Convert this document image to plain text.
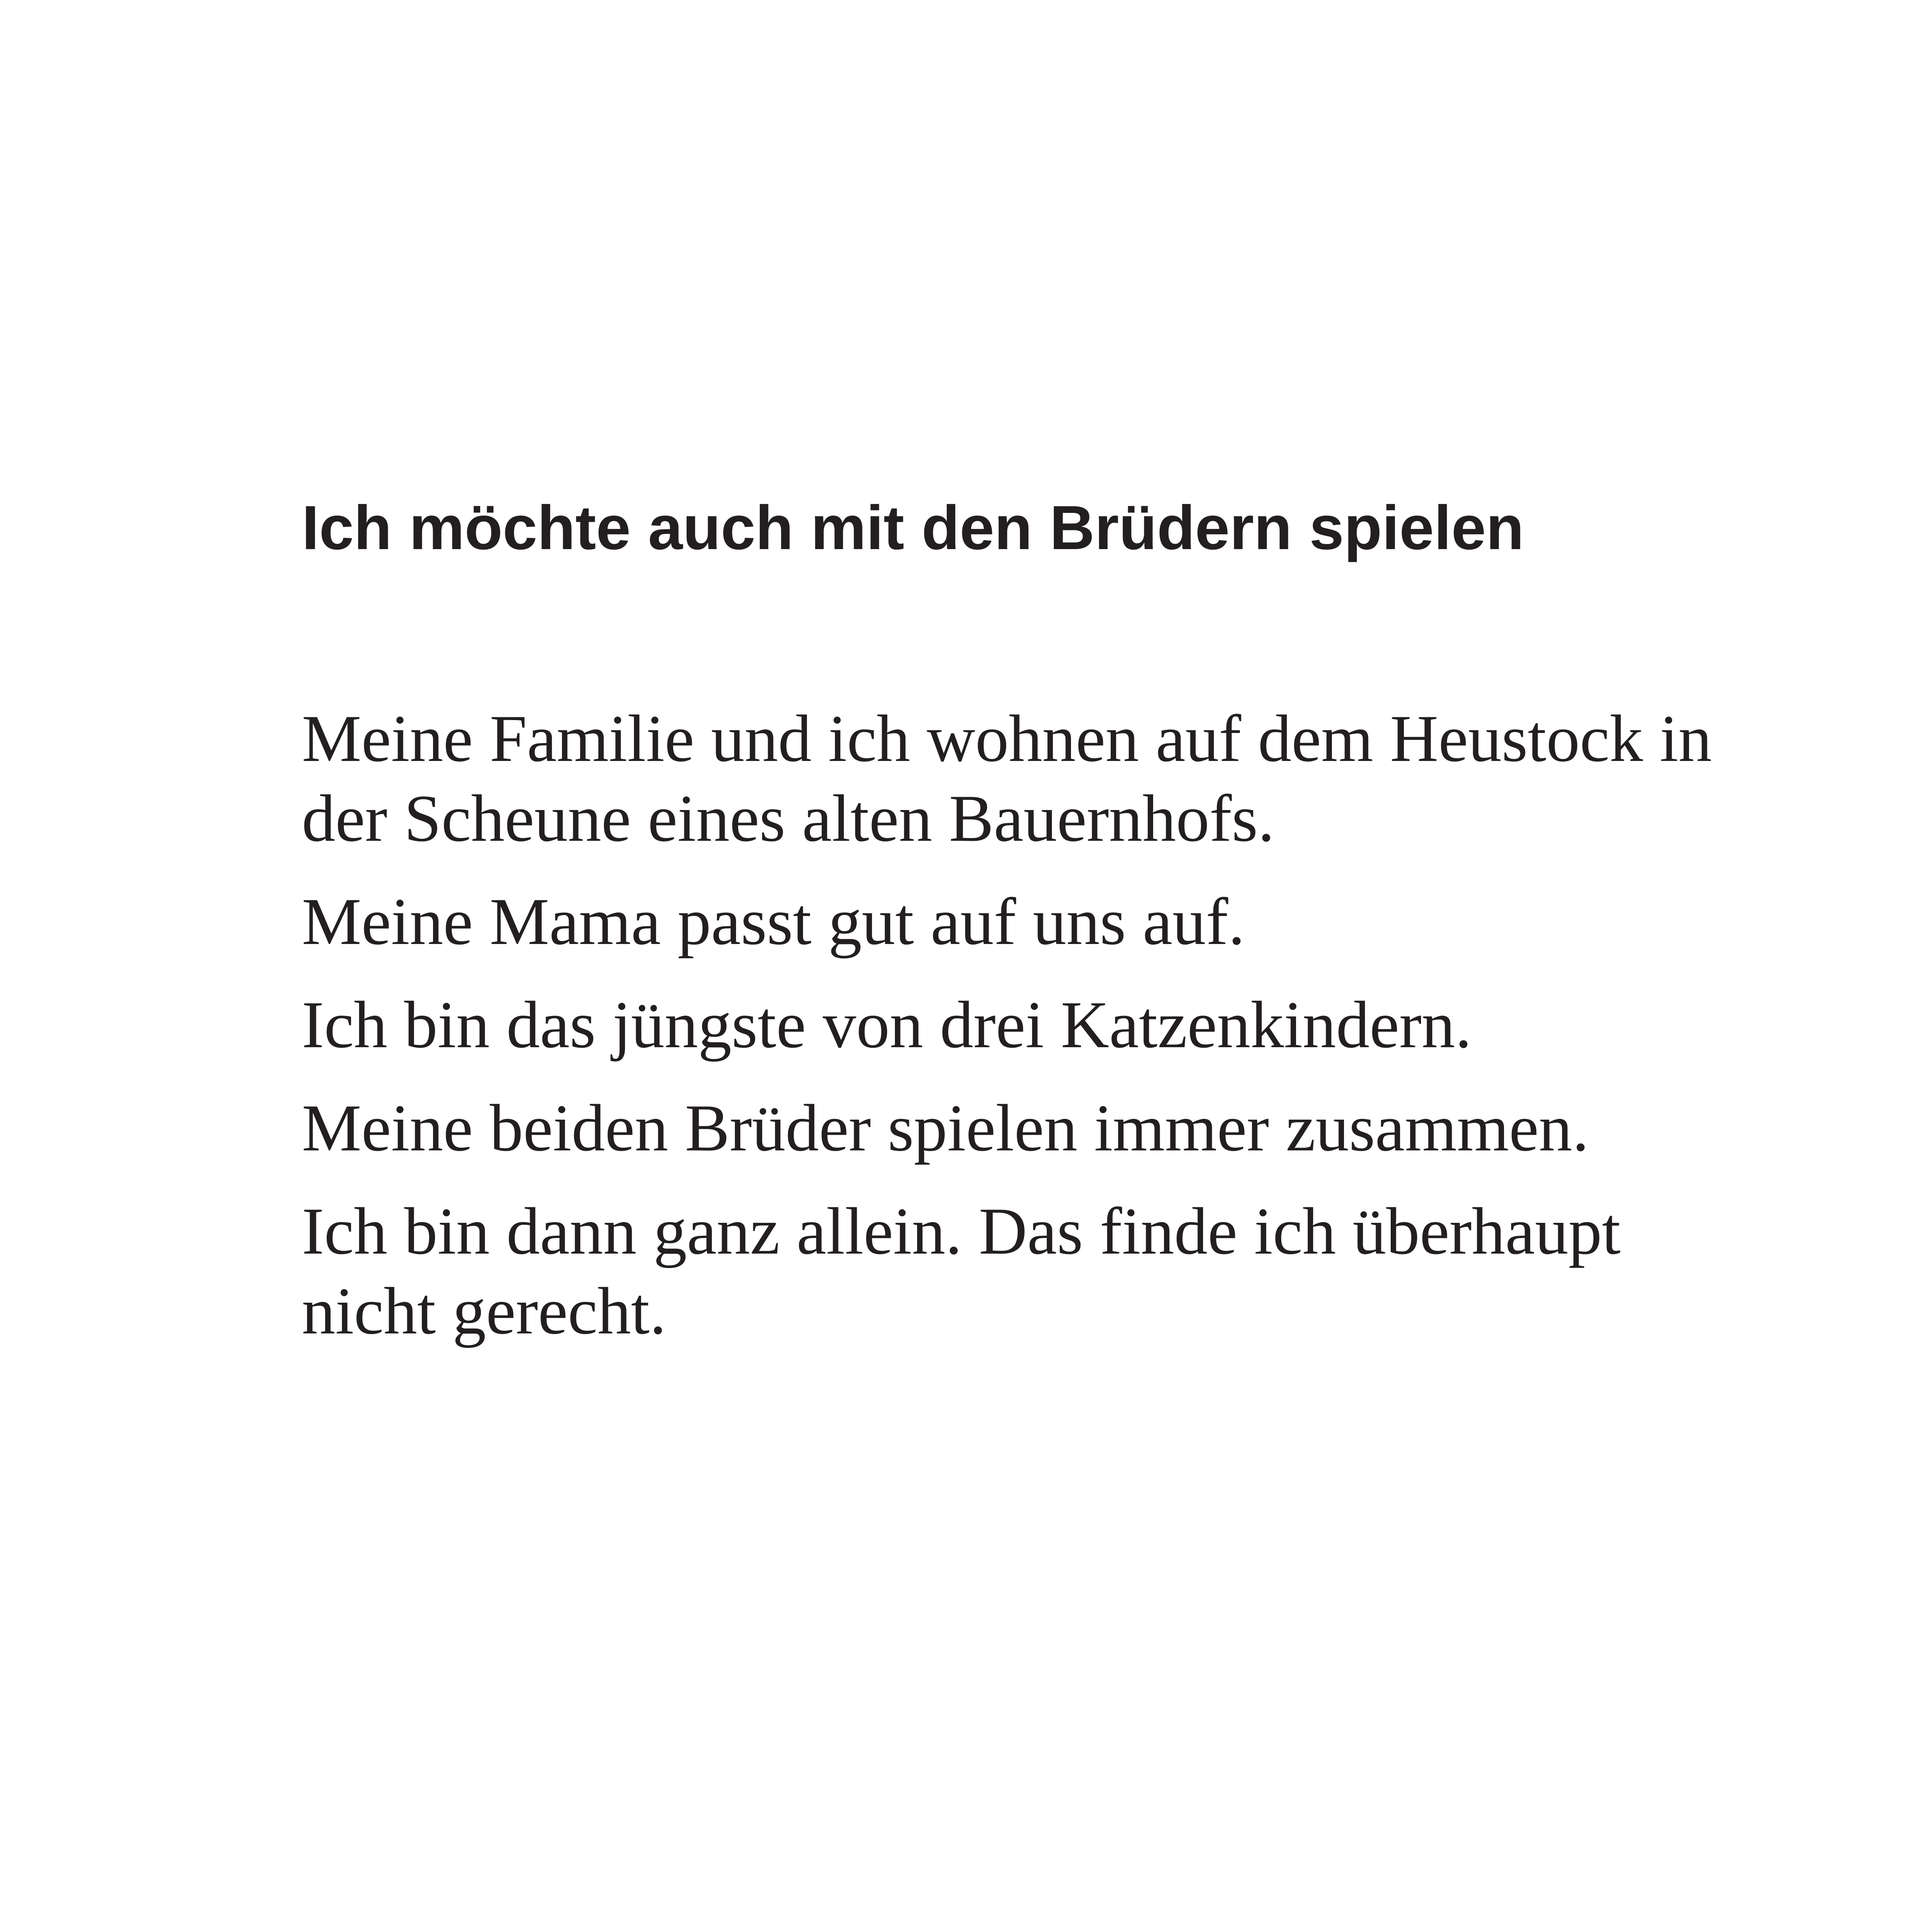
Ich möchte auch mit den Brüdern spielen

Meine Familie und ich wohnen auf dem Heustock in der Scheune eines alten Bauernhofs.

Meine Mama passt gut auf uns auf.

Ich bin das jüngste von drei Katzenkindern.

Meine beiden Brüder spielen immer zusammen.

Ich bin dann ganz allein. Das finde ich überhaupt nicht gerecht.
